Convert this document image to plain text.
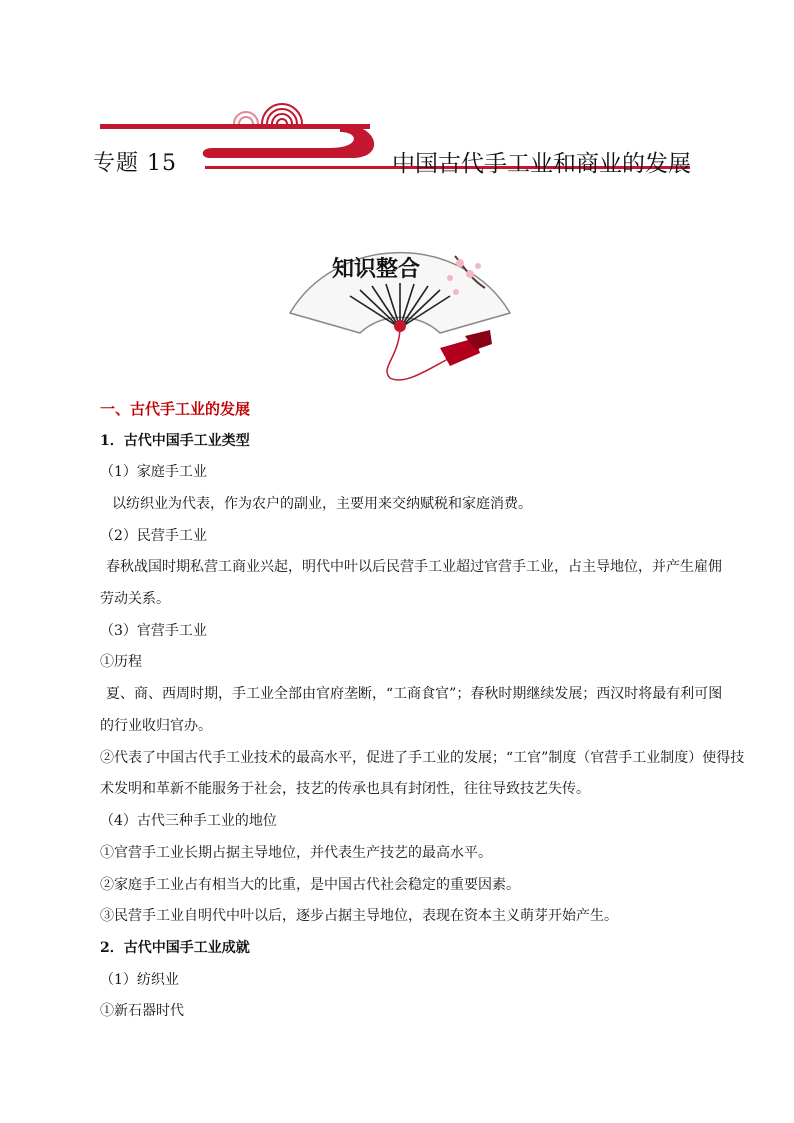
专题 15	中国古代手工业和商业的发展
知识整合
一、古代手工业的发展
1．古代中国手工业类型
（1）家庭手工业
以纺织业为代表，作为农户的副业，主要用来交纳赋税和家庭消费。
（2）民营手工业
春秋战国时期私营工商业兴起，明代中叶以后民营手工业超过官营手工业，占主导地位，并产生雇佣
劳动关系。
（3）官营手工业
①历程
夏、商、西周时期，手工业全部由官府垄断，“工商食官”；春秋时期继续发展；西汉时将最有利可图
的行业收归官办。
②代表了中国古代手工业技术的最高水平，促进了手工业的发展；“工官”制度（官营手工业制度）使得技
术发明和革新不能服务于社会，技艺的传承也具有封闭性，往往导致技艺失传。
（4）古代三种手工业的地位
①官营手工业长期占据主导地位，并代表生产技艺的最高水平。
②家庭手工业占有相当大的比重，是中国古代社会稳定的重要因素。
③民营手工业自明代中叶以后，逐步占据主导地位，表现在资本主义萌芽开始产生。
2．古代中国手工业成就
（1）纺织业
①新石器时代
